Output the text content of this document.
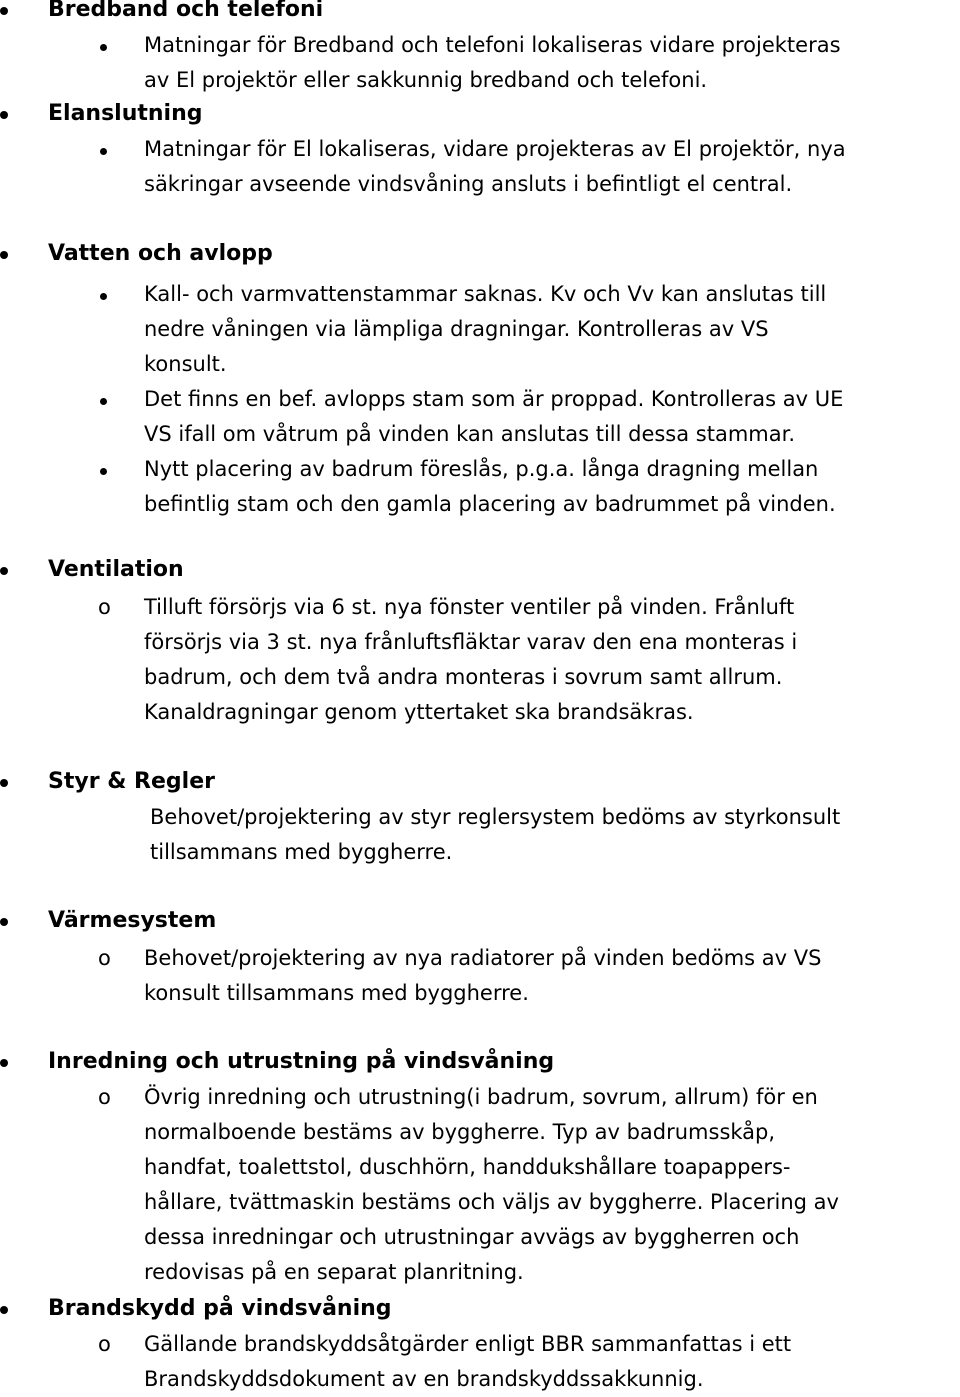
Bredband och telefoni
Matningar för Bredband och telefoni lokaliseras vidare projekteras
av El projektör eller sakkunnig bredband och telefoni.
Elanslutning
Matningar för El lokaliseras, vidare projekteras av El projektör, nya
säkringar avseende vindsvåning ansluts i befintligt el central.
Vatten och avlopp
Kall- och varmvattenstammar saknas. Kv och Vv kan anslutas till
nedre våningen via lämpliga dragningar. Kontrolleras av VS
konsult.
Det finns en bef. avlopps stam som är proppad. Kontrolleras av UE
VS ifall om våtrum på vinden kan anslutas till dessa stammar.
Nytt placering av badrum föreslås, p.g.a. långa dragning mellan
befintlig stam och den gamla placering av badrummet på vinden.
Ventilation
o Tilluft försörjs via 6 st. nya fönster ventiler på vinden. Frånluft
försörjs via 3 st. nya frånluftsfläktar varav den ena monteras i
badrum, och dem två andra monteras i sovrum samt allrum.
Kanaldragningar genom yttertaket ska brandsäkras.
Styr & Regler
Behovet/projektering av styr reglersystem bedöms av styrkonsult
tillsammans med byggherre.
Värmesystem
o Behovet/projektering av nya radiatorer på vinden bedöms av VS
konsult tillsammans med byggherre.
Inredning och utrustning på vindsvåning
o Övrig inredning och utrustning(i badrum, sovrum, allrum) för en
normalboende bestäms av byggherre. Typ av badrumsskåp,
handfat, toalettstol, duschhörn, handdukshållare toapappers-
hållare, tvättmaskin bestäms och väljs av byggherre. Placering av
dessa inredningar och utrustningar avvägs av byggherren och
redovisas på en separat planritning.
Brandskydd på vindsvåning
o Gällande brandskyddsåtgärder enligt BBR sammanfattas i ett
Brandskyddsdokument av en brandskyddssakkunnig.
